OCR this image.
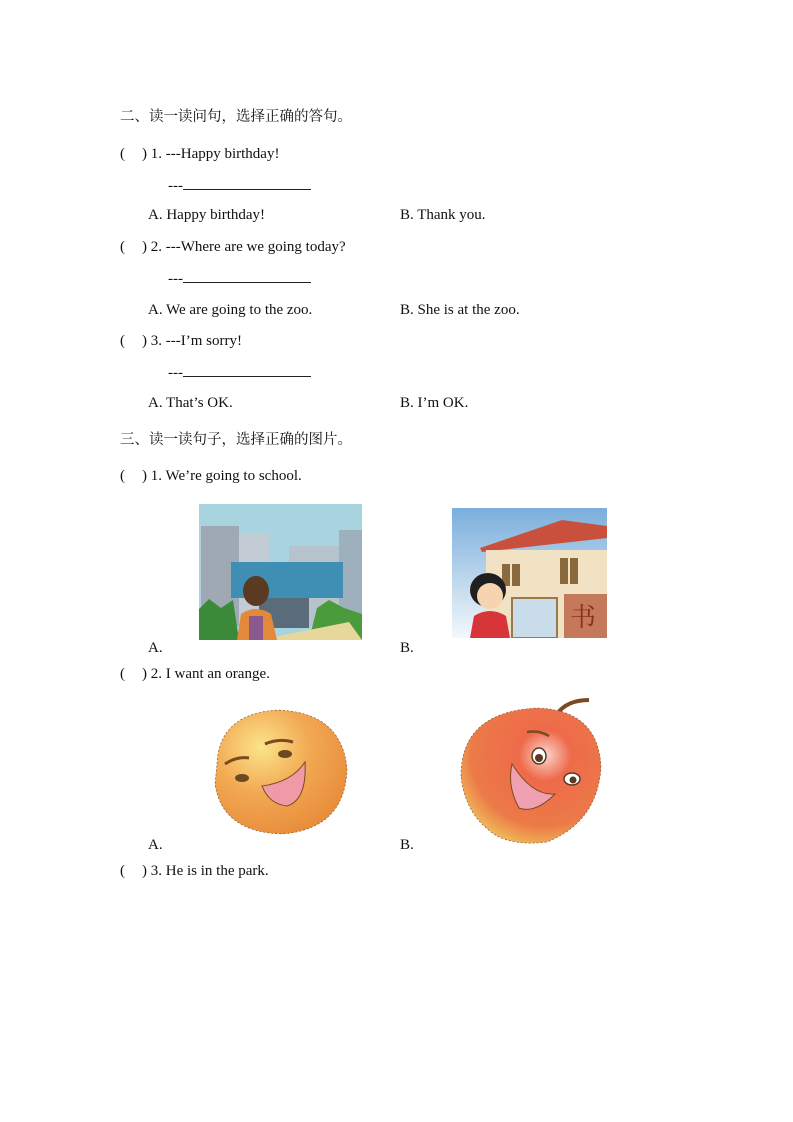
二、读一读问句，选择正确的答句。
( ) 1. ---Happy birthday!
---
A. Happy birthday!	B. Thank you.
( ) 2. ---Where are we going today?
---
A. We are going to the zoo.	B. She is at the zoo.
( ) 3. ---I’m sorry!
---
A. That’s OK.	B. I’m OK.
三、读一读句子，选择正确的图片。
( ) 1. We’re going to school.
A.
书
B.
( ) 2. I want an orange.
A.	B.
( ) 3. He is in the park.
